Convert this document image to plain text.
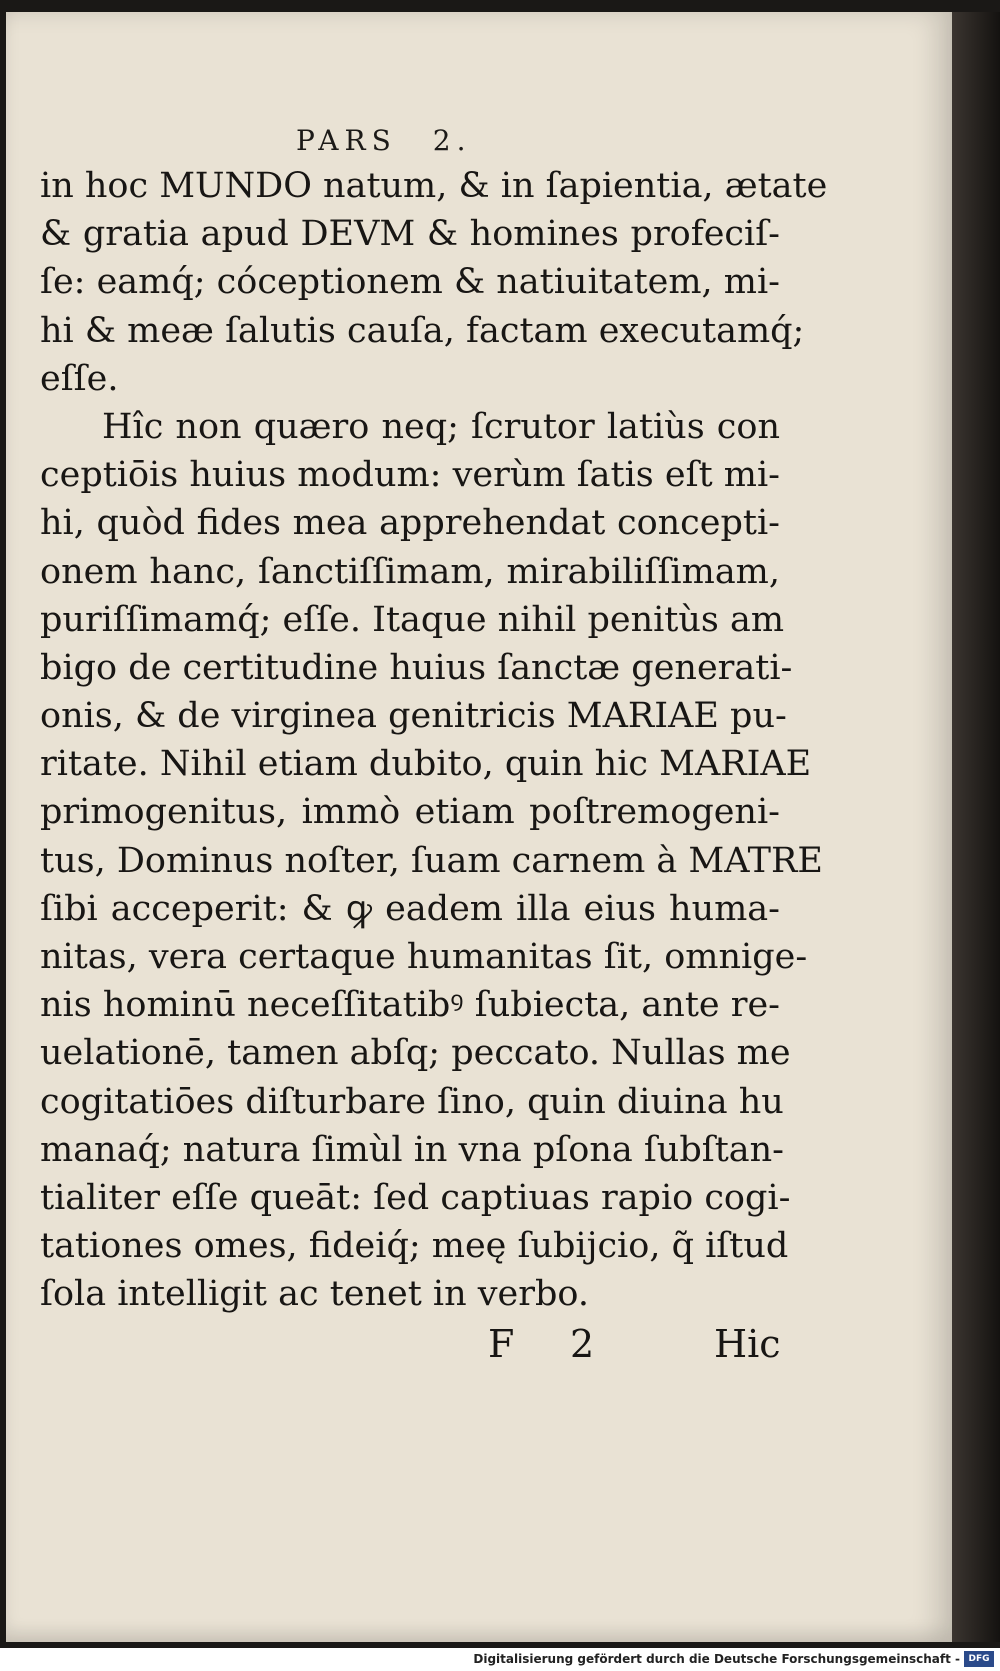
PARS 2.
in hoc MUNDO natum, & in ſapientia, ætate
& gratia apud DEVM & homines profeciſ-
ſe: eamq́; cóceptionem & natiuitatem, mi-
hi & meæ ſalutis cauſa, factam executamq́;
eſſe.
Hîc non quæro neq; ſcrutor latiùs con
ceptiōis huius modum: verùm ſatis eſt mi-
hi, quòd fides mea apprehendat concepti-
onem hanc, ſanctiſſimam, mirabiliſſimam,
puriſſimamq́; eſſe. Itaque nihil penitùs am
bigo de certitudine huius ſanctæ generati-
onis, & de virginea genitricis MARIAE pu-
ritate. Nihil etiam dubito, quin hic MARIAE
primogenitus, immò etiam poſtremogeni-
tus, Dominus noſter, ſuam carnem à MATRE
ſibi acceperit: & ꝙ eadem illa eius huma-
nitas, vera certaque humanitas ſit, omnige-
nis hominū neceſſitatibꝰ ſubiecta, ante re-
uelationē, tamen abſq; peccato. Nullas me
cogitatiōes diſturbare ſino, quin diuina hu
manaq́; natura ſimùl in vna pſona ſubſtan-
tialiter eſſe queāt: ſed captiuas rapio cogi-
tationes omes, fideiq́; meę ſubijcio, q̃ iſtud
ſola intelligit ac tenet in verbo.
F 2	Hic
Digitalisierung gefördert durch die Deutsche Forschungsgemeinschaft - DFG
